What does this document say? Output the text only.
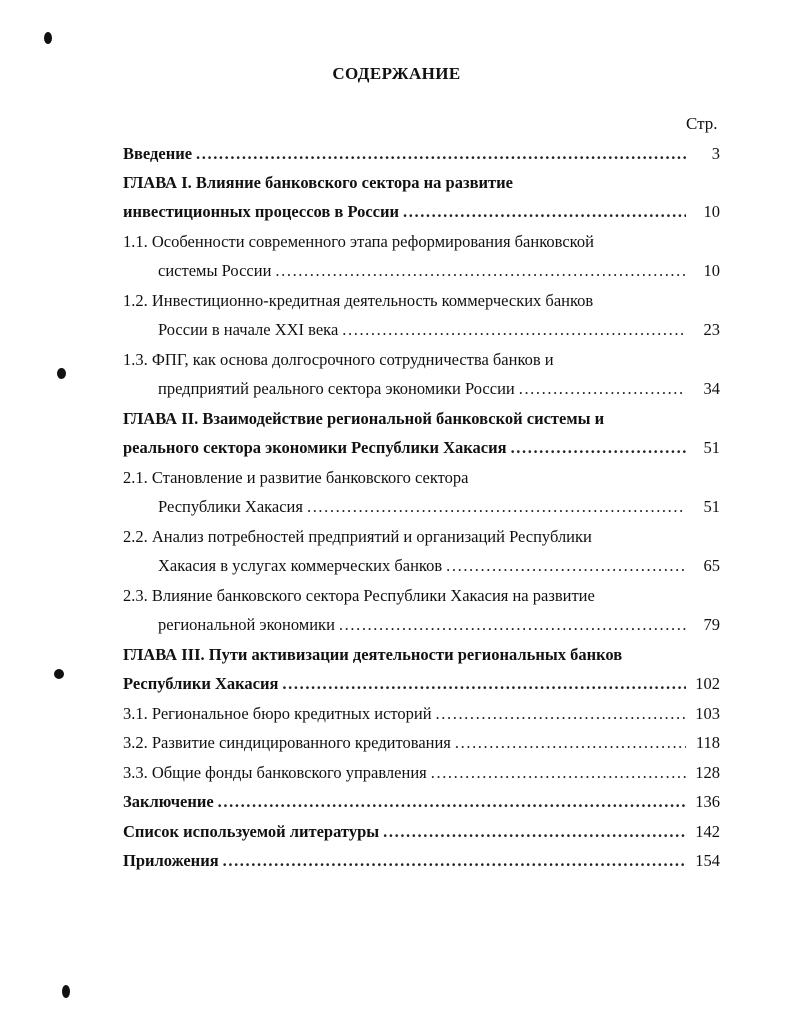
СОДЕРЖАНИЕ
Стр.
Введение .....	3
ГЛАВА I. Влияние банковского сектора на развитие
инвестиционных процессов в России .....	10
1.1. Особенности современного этапа реформирования банковской
системы России .....	10
1.2. Инвестиционно-кредитная деятельность коммерческих банков
России в начале XXI века .....	23
1.3. ФПГ, как основа долгосрочного сотрудничества банков и
предприятий реального сектора экономики России .....	34
ГЛАВА II. Взаимодействие региональной банковской системы и
реального сектора экономики Республики Хакасия .....	51
2.1. Становление и развитие банковского сектора
Республики Хакасия .....	51
2.2. Анализ потребностей предприятий и организаций Республики
Хакасия в услугах коммерческих банков .....	65
2.3. Влияние банковского сектора Республики Хакасия на развитие
региональной экономики .....	79
ГЛАВА III. Пути активизации деятельности региональных банков
Республики Хакасия .....	102
3.1. Региональное бюро кредитных историй .....	103
3.2. Развитие синдицированного кредитования .....	118
3.3. Общие фонды банковского управления .....	128
Заключение .....	136
Список используемой литературы .....	142
Приложения .....	154
